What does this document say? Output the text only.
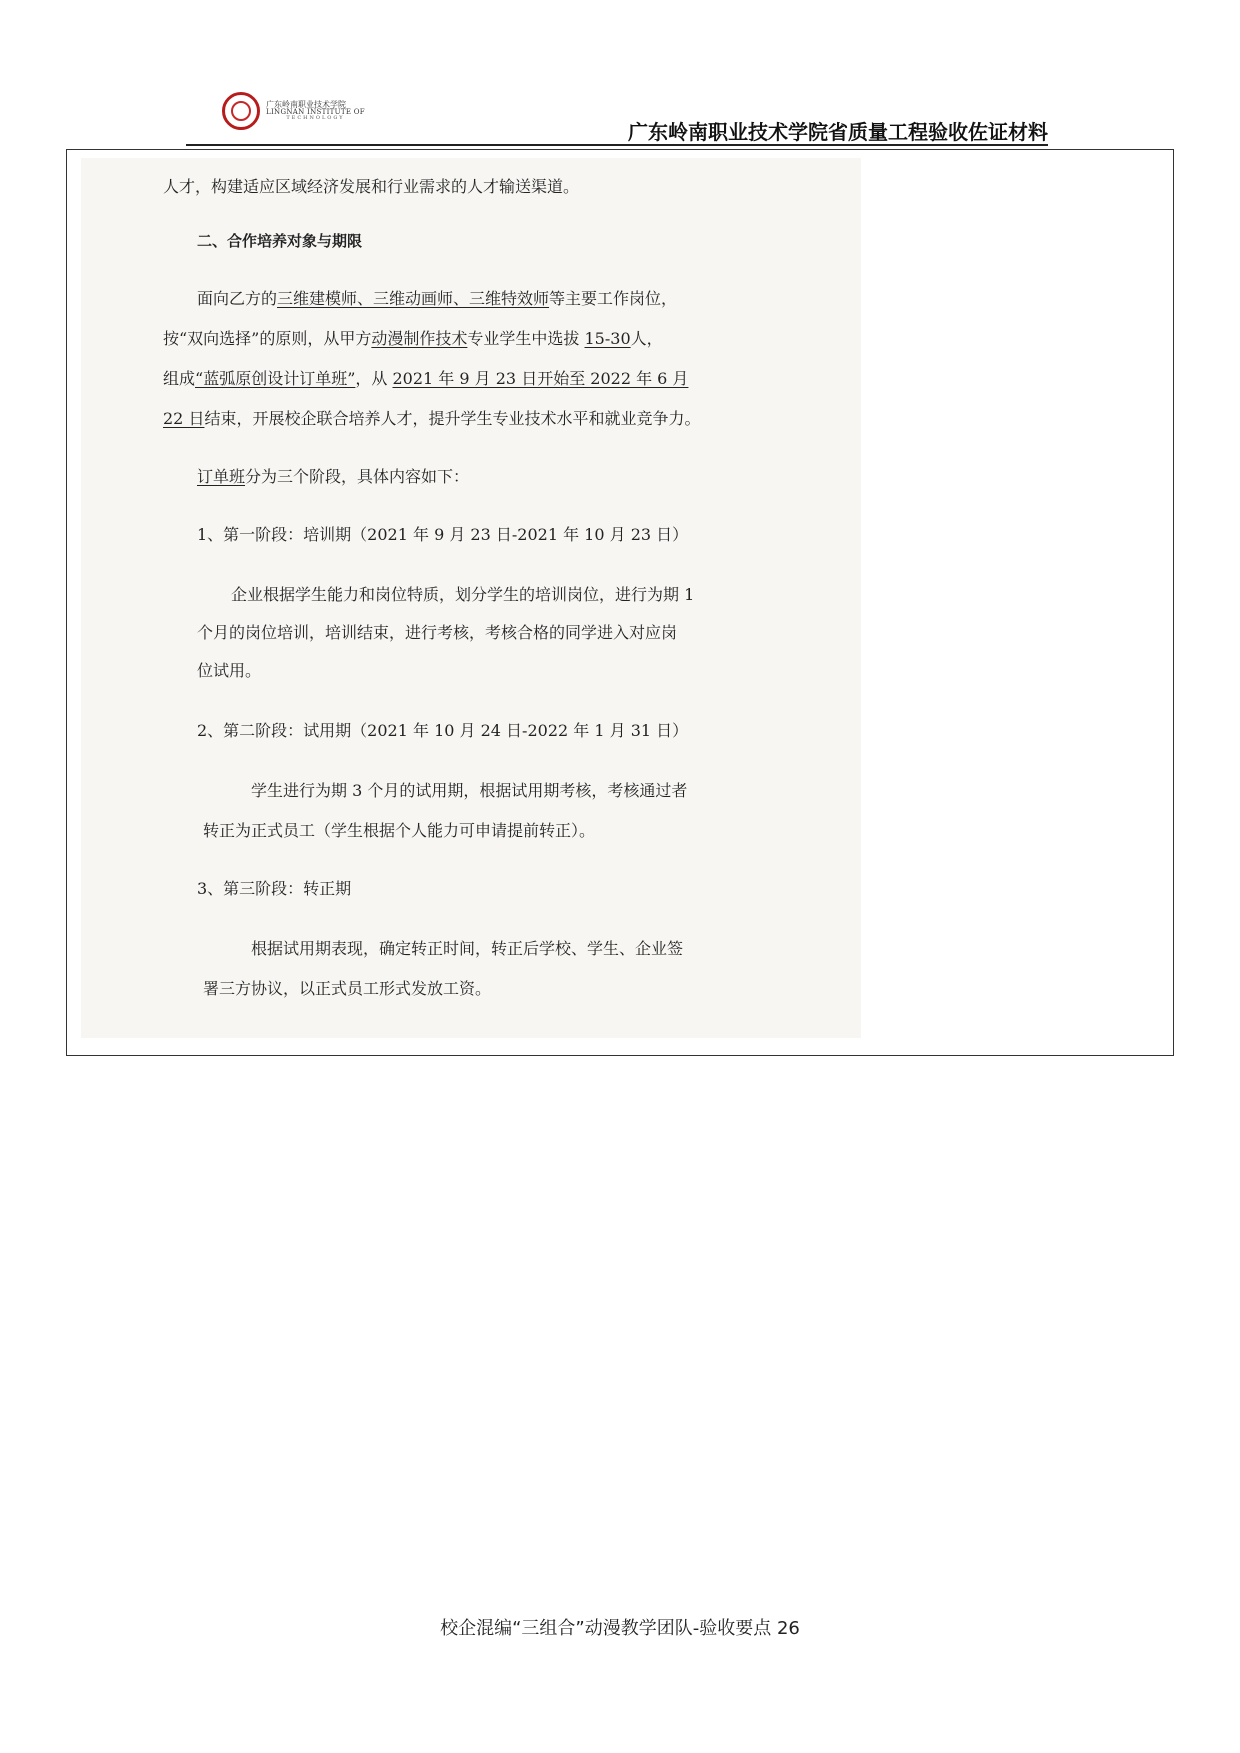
广东岭南职业技术学院
LINGNAN INSTITUTE OF
TECHNOLOGY
广东岭南职业技术学院省质量工程验收佐证材料
人才，构建适应区域经济发展和行业需求的人才输送渠道。
二、合作培养对象与期限
面向乙方的三维建模师、三维动画师、三维特效师等主要工作岗位，
按“双向选择”的原则，从甲方动漫制作技术专业学生中选拔 15-30人，
组成“蓝弧原创设计订单班”，从 2021 年 9 月 23 日开始至 2022 年 6 月
22 日结束，开展校企联合培养人才，提升学生专业技术水平和就业竞争力。
订单班分为三个阶段，具体内容如下：
1、第一阶段：培训期（2021 年 9 月 23 日-2021 年 10 月 23 日）
企业根据学生能力和岗位特质，划分学生的培训岗位，进行为期 1
个月的岗位培训，培训结束，进行考核，考核合格的同学进入对应岗
位试用。
2、第二阶段：试用期（2021 年 10 月 24 日-2022 年 1 月 31 日）
学生进行为期 3 个月的试用期，根据试用期考核，考核通过者
转正为正式员工（学生根据个人能力可申请提前转正）。
3、第三阶段：转正期
根据试用期表现，确定转正时间，转正后学校、学生、企业签
署三方协议，以正式员工形式发放工资。
校企混编“三组合”动漫教学团队-验收要点 26
